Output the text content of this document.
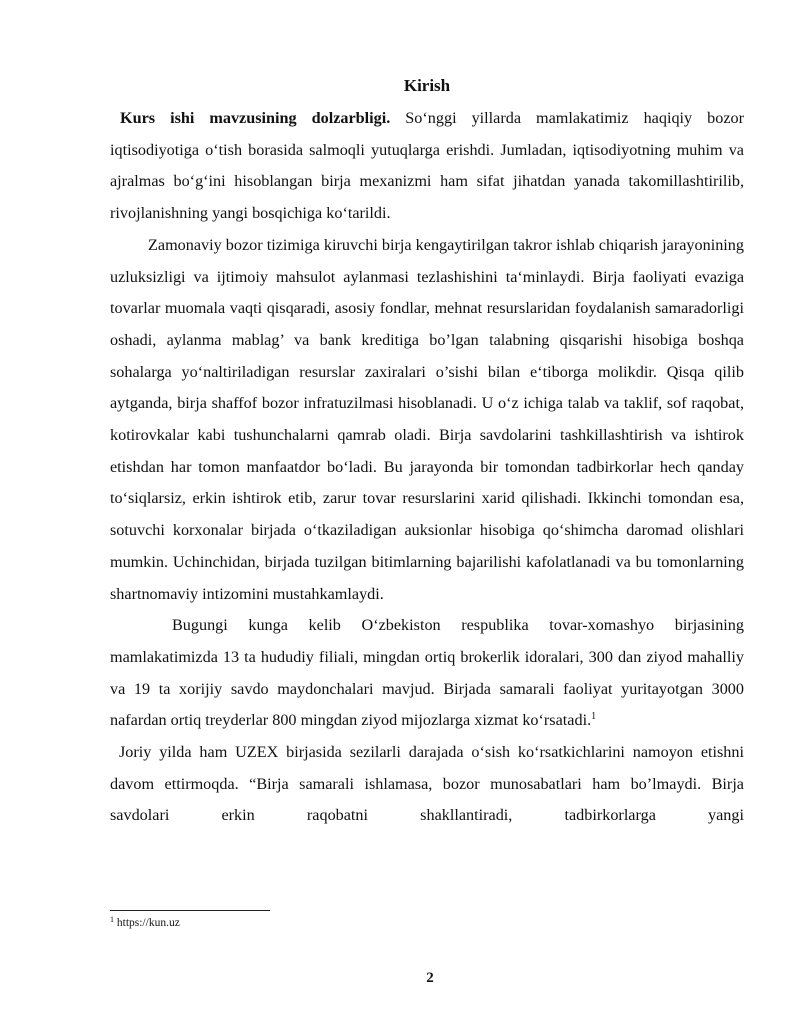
Kirish

Kurs ishi mavzusining dolzarbligi. So‘nggi yillarda mamlakatimiz haqiqiy bozor iqtisodiyotiga o‘tish borasida salmoqli yutuqlarga erishdi. Jumladan, iqtisodiyotning muhim va ajralmas bo‘g‘ini hisoblangan birja mexanizmi ham sifat jihatdan yanada takomillashtirilib, rivojlanishning yangi bosqichiga ko‘tarildi.

Zamonaviy bozor tizimiga kiruvchi birja kengaytirilgan takror ishlab chiqarish jarayonining uzluksizligi va ijtimoiy mahsulot aylanmasi tezlashishini ta‘minlaydi. Birja faoliyati evaziga tovarlar muomala vaqti qisqaradi, asosiy fondlar, mehnat resurslaridan foydalanish samaradorligi oshadi, aylanma mablag’ va bank kreditiga bo’lgan talabning qisqarishi hisobiga boshqa sohalarga yo‘naltiriladigan resurslar zaxiralari o’sishi bilan e‘tiborga molikdir. Qisqa qilib aytganda, birja shaffof bozor infratuzilmasi hisoblanadi. U o‘z ichiga talab va taklif, sof raqobat, kotirovkalar kabi tushunchalarni qamrab oladi. Birja savdolarini tashkillashtirish va ishtirok etishdan har tomon manfaatdor bo‘ladi. Bu jarayonda bir tomondan tadbirkorlar hech qanday to‘siqlarsiz, erkin ishtirok etib, zarur tovar resurslarini xarid qilishadi. Ikkinchi tomondan esa, sotuvchi korxonalar birjada o‘tkaziladigan auksionlar hisobiga qo‘shimcha daromad olishlari mumkin. Uchinchidan, birjada tuzilgan bitimlarning bajarilishi kafolatlanadi va bu tomonlarning shartnomaviy intizomini mustahkamlaydi.

Bugungi kunga kelib O‘zbekiston respublika tovar-xomashyo birjasining mamlakatimizda 13 ta hududiy filiali, mingdan ortiq brokerlik idoralari, 300 dan ziyod mahalliy va 19 ta xorijiy savdo maydonchalari mavjud. Birjada samarali faoliyat yuritayotgan 3000 nafardan ortiq treyderlar 800 mingdan ziyod mijozlarga xizmat ko‘rsatadi.$^1$

Joriy yilda ham UZEX birjasida sezilarli darajada o‘sish ko‘rsatkichlarini namoyon etishni davom ettirmoqda. “Birja samarali ishlamasa, bozor munosabatlari ham bo’lmaydi. Birja savdolari erkin raqobatni shakllantiradi, tadbirkorlarga yangi

$^1$ https://kun.uz
2
